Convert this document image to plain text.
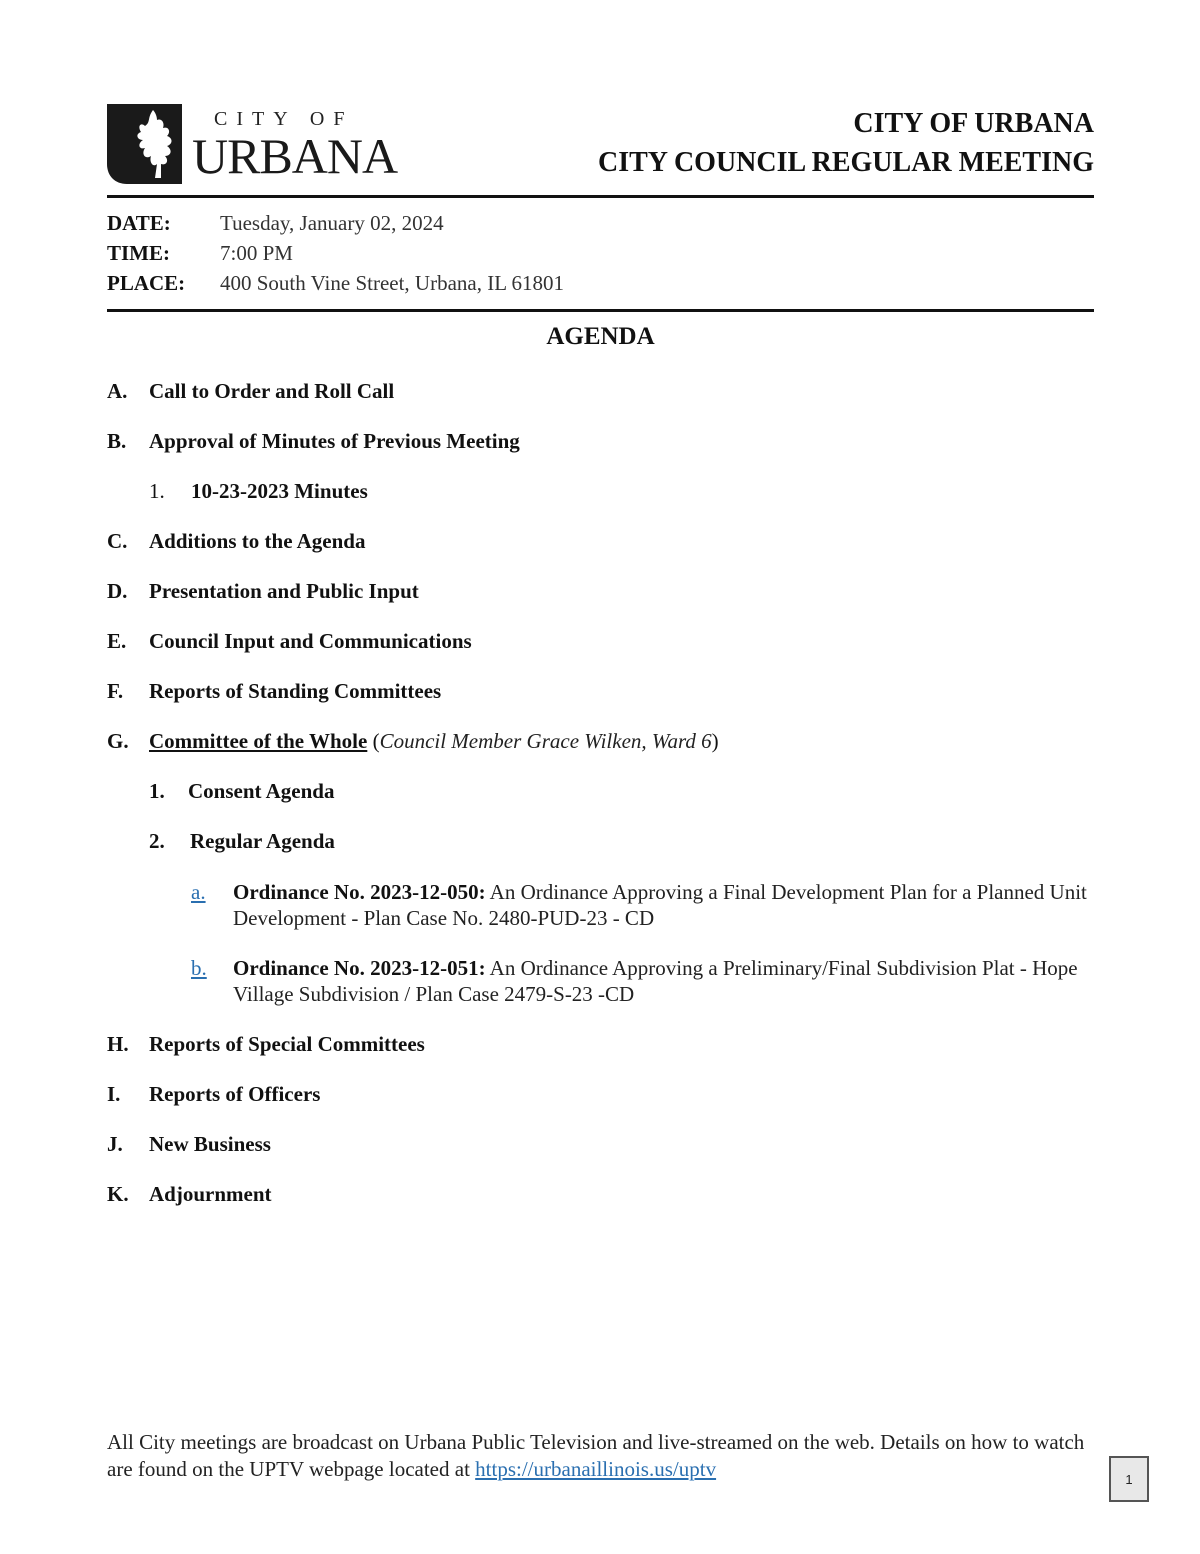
CITY OF
URBANA
CITY OF URBANA
CITY COUNCIL REGULAR MEETING
DATE: Tuesday, January 02, 2024
TIME: 7:00 PM
PLACE: 400 South Vine Street, Urbana, IL 61801
AGENDA
A. Call to Order and Roll Call
B. Approval of Minutes of Previous Meeting
1. 10-23-2023 Minutes
C. Additions to the Agenda
D. Presentation and Public Input
E. Council Input and Communications
F. Reports of Standing Committees
G. Committee of the Whole (Council Member Grace Wilken, Ward 6)
1. Consent Agenda
2. Regular Agenda
a. Ordinance No. 2023-12-050: An Ordinance Approving a Final Development Plan for a Planned Unit Development - Plan Case No. 2480-PUD-23 - CD
b. Ordinance No. 2023-12-051: An Ordinance Approving a Preliminary/Final Subdivision Plat - Hope Village Subdivision / Plan Case 2479-S-23 -CD
H. Reports of Special Committees
I. Reports of Officers
J. New Business
K. Adjournment
All City meetings are broadcast on Urbana Public Television and live-streamed on the web. Details on how to watch are found on the UPTV webpage located at https://urbanaillinois.us/uptv	1
